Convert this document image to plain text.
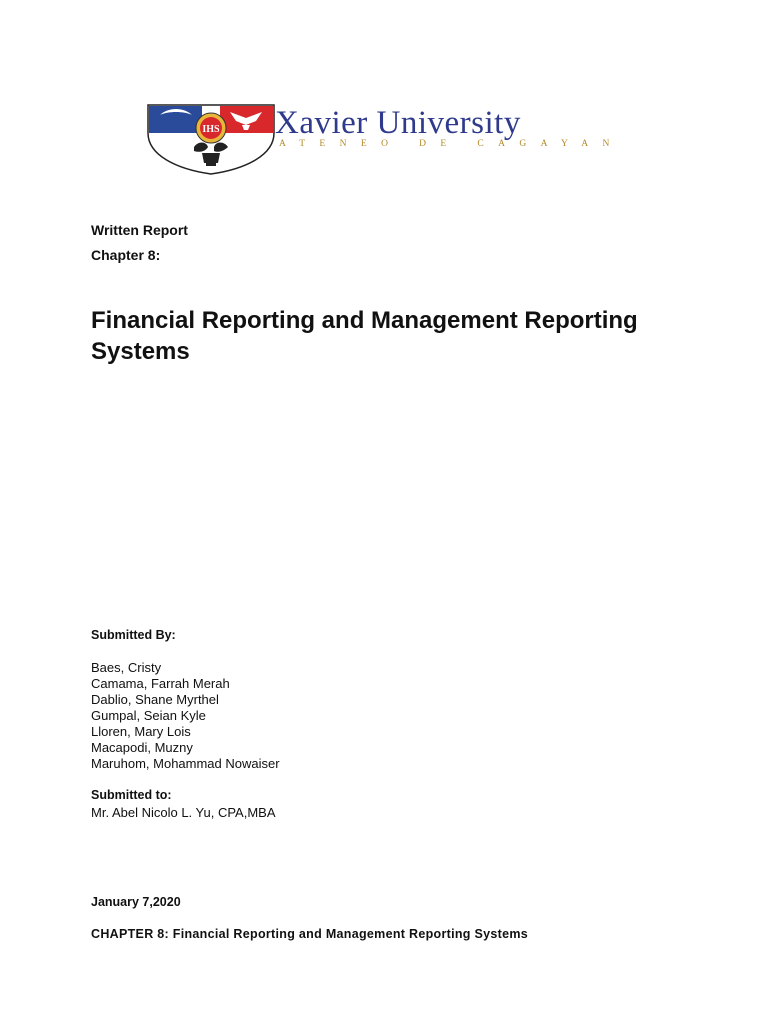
IHS Xavier University
ATENEO DE CAGAYAN
Written Report
Chapter 8:
Financial Reporting and Management Reporting Systems
Submitted By:
Baes, Cristy
Camama, Farrah Merah
Dablio, Shane Myrthel
Gumpal, Seian Kyle
Lloren, Mary Lois
Macapodi, Muzny
Maruhom, Mohammad Nowaiser
Submitted to:
Mr. Abel Nicolo L. Yu, CPA,MBA
January 7,2020
CHAPTER 8: Financial Reporting and Management Reporting Systems
